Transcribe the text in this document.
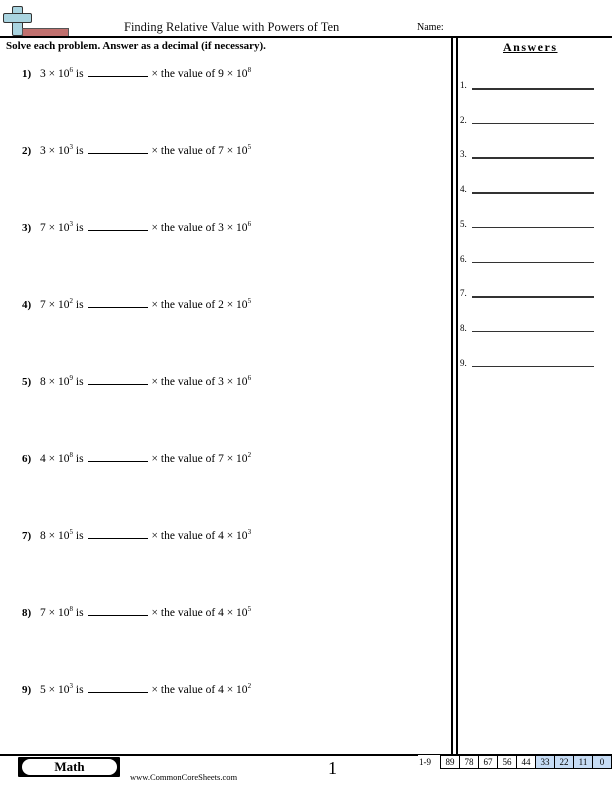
Finding Relative Value with Powers of Ten	Name:
Solve each problem. Answer as a decimal (if necessary).
1) $3 \times 10^6$ is	× the value of $9 \times 10^8$
2) $3 \times 10^3$ is	× the value of $7 \times 10^5$
3) $7 \times 10^3$ is	× the value of $3 \times 10^6$
4) $7 \times 10^2$ is	× the value of $2 \times 10^5$
5) $8 \times 10^9$ is	× the value of $3 \times 10^6$
6) $4 \times 10^8$ is	× the value of $7 \times 10^2$
7) $8 \times 10^5$ is	× the value of $4 \times 10^3$
8) $7 \times 10^8$ is	× the value of $4 \times 10^5$
9) $5 \times 10^3$ is	× the value of $4 \times 10^2$
Answers
1.
2.
3.
4.
5.
6.
7.
8.
9.
Math
www.CommonCoreSheets.com	1	1-9	89	78	67	56	44	33	22	11	0
